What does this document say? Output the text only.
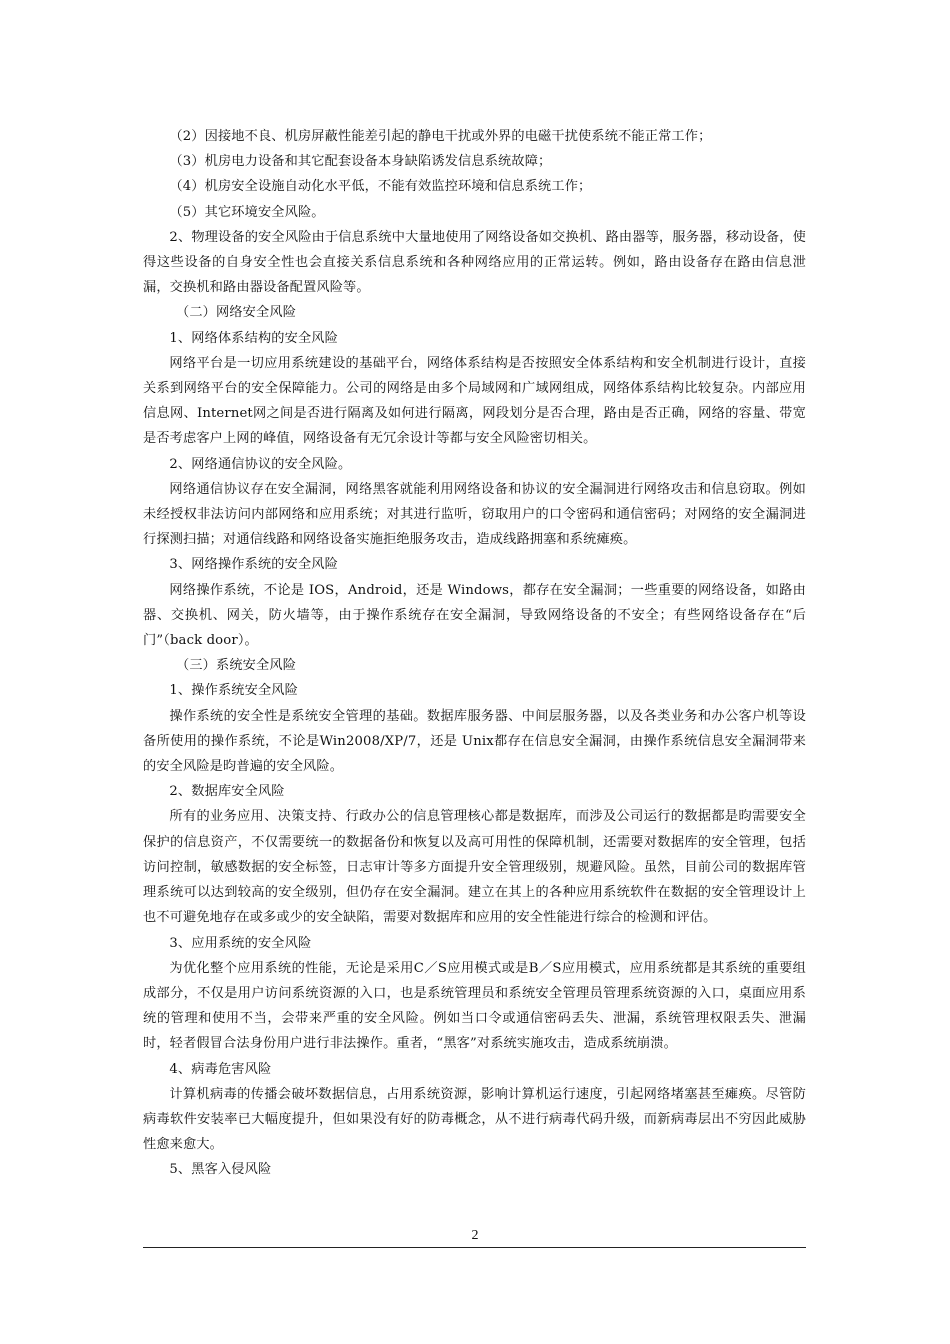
（2）因接地不良、机房屏蔽性能差引起的静电干扰或外界的电磁干扰使系统不能正常工作；

（3）机房电力设备和其它配套设备本身缺陷诱发信息系统故障；

（4）机房安全设施自动化水平低，不能有效监控环境和信息系统工作；

（5）其它环境安全风险。

2、物理设备的安全风险由于信息系统中大量地使用了网络设备如交换机、路由器等，服务器，移动设备，使得这些设备的自身安全性也会直接关系信息系统和各种网络应用的正常运转。例如，路由设备存在路由信息泄漏，交换机和路由器设备配置风险等。

（二）网络安全风险

1、网络体系结构的安全风险

网络平台是一切应用系统建设的基础平台，网络体系结构是否按照安全体系结构和安全机制进行设计，直接关系到网络平台的安全保障能力。公司的网络是由多个局域网和广域网组成，网络体系结构比较复杂。内部应用信息网、Internet网之间是否进行隔离及如何进行隔离，网段划分是否合理，路由是否正确，网络的容量、带宽是否考虑客户上网的峰值，网络设备有无冗余设计等都与安全风险密切相关。

2、网络通信协议的安全风险。

网络通信协议存在安全漏洞，网络黑客就能利用网络设备和协议的安全漏洞进行网络攻击和信息窃取。例如未经授权非法访问内部网络和应用系统；对其进行监听，窃取用户的口令密码和通信密码；对网络的安全漏洞进行探测扫描；对通信线路和网络设备实施拒绝服务攻击，造成线路拥塞和系统瘫痪。

3、网络操作系统的安全风险

网络操作系统，不论是 IOS，Android，还是 Windows，都存在安全漏洞；一些重要的网络设备，如路由器、交换机、网关，防火墙等，由于操作系统存在安全漏洞，导致网络设备的不安全；有些网络设备存在“后门”（back door）。

（三）系统安全风险

1、操作系统安全风险

操作系统的安全性是系统安全管理的基础。数据库服务器、中间层服务器，以及各类业务和办公客户机等设备所使用的操作系统，不论是Win2008/XP/7，还是 Unix都存在信息安全漏洞，由操作系统信息安全漏洞带来的安全风险是昀普遍的安全风险。

2、数据库安全风险

所有的业务应用、决策支持、行政办公的信息管理核心都是数据库，而涉及公司运行的数据都是昀需要安全保护的信息资产，不仅需要统一的数据备份和恢复以及高可用性的保障机制，还需要对数据库的安全管理，包括访问控制，敏感数据的安全标签，日志审计等多方面提升安全管理级别，规避风险。虽然，目前公司的数据库管理系统可以达到较高的安全级别，但仍存在安全漏洞。建立在其上的各种应用系统软件在数据的安全管理设计上也不可避免地存在或多或少的安全缺陷，需要对数据库和应用的安全性能进行综合的检测和评估。

3、应用系统的安全风险

为优化整个应用系统的性能，无论是采用C／S应用模式或是B／S应用模式，应用系统都是其系统的重要组成部分，不仅是用户访问系统资源的入口，也是系统管理员和系统安全管理员管理系统资源的入口，桌面应用系统的管理和使用不当，会带来严重的安全风险。例如当口令或通信密码丢失、泄漏，系统管理权限丢失、泄漏时，轻者假冒合法身份用户进行非法操作。重者，“黑客”对系统实施攻击，造成系统崩溃。

4、病毒危害风险

计算机病毒的传播会破坏数据信息，占用系统资源，影响计算机运行速度，引起网络堵塞甚至瘫痪。尽管防病毒软件安装率已大幅度提升，但如果没有好的防毒概念，从不进行病毒代码升级，而新病毒层出不穷因此威胁性愈来愈大。

5、黑客入侵风险

2
